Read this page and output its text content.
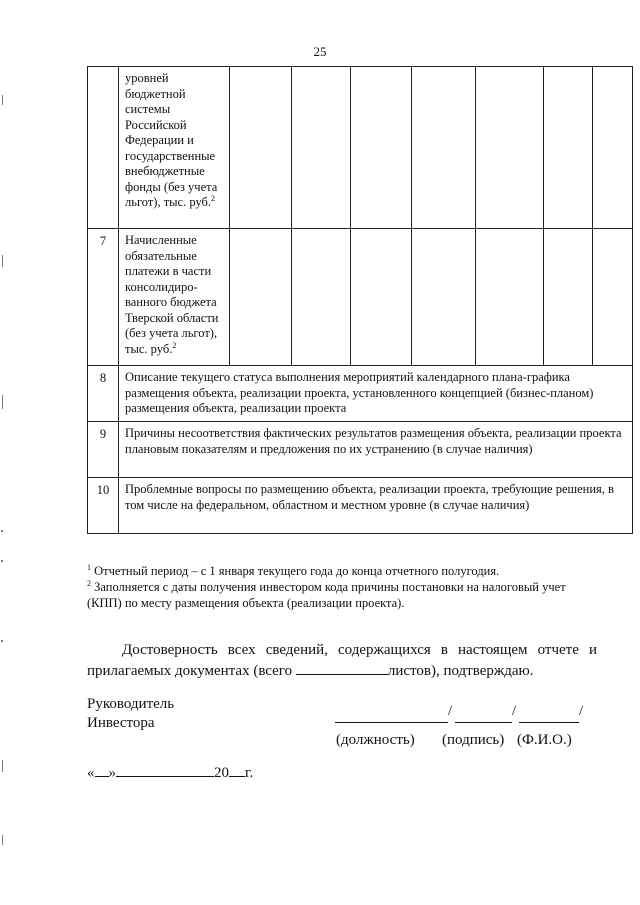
25
	уровней бюджетной системы Российской Федерации и государственные внебюджетные фонды (без учета льгот), тыс. руб.$^2$							
7	Начисленные обязательные платежи в части консолидиро-ванного бюджета Тверской области (без учета льгот), тыс. руб.$^2$							
8	Описание текущего статуса выполнения мероприятий календарного плана-графика размещения объекта, реализации проекта, установленного концепцией (бизнес-планом) размещения объекта, реализации проекта							
9	Причины несоответствия фактических результатов размещения объекта, реализации проекта плановым показателям и предложения по их устранению (в случае наличия)							
10	Проблемные вопросы по размещению объекта, реализации проекта, требующие решения, в том числе на федеральном, областном и местном уровне (в случае наличия)							
$^1$ Отчетный период – с 1 января текущего года до конца отчетного полугодия.
$^2$ Заполняется с даты получения инвестором кода причины постановки на налоговый учет (КПП) по месту размещения объекта (реализации проекта).
Достоверность всех сведений, содержащихся в настоящем отчете и прилагаемых документах (всего	листов), подтверждаю.
Руководитель
Инвестора
/	/	/
(должность) (подпись) (Ф.И.О.)
« »	20 г.
